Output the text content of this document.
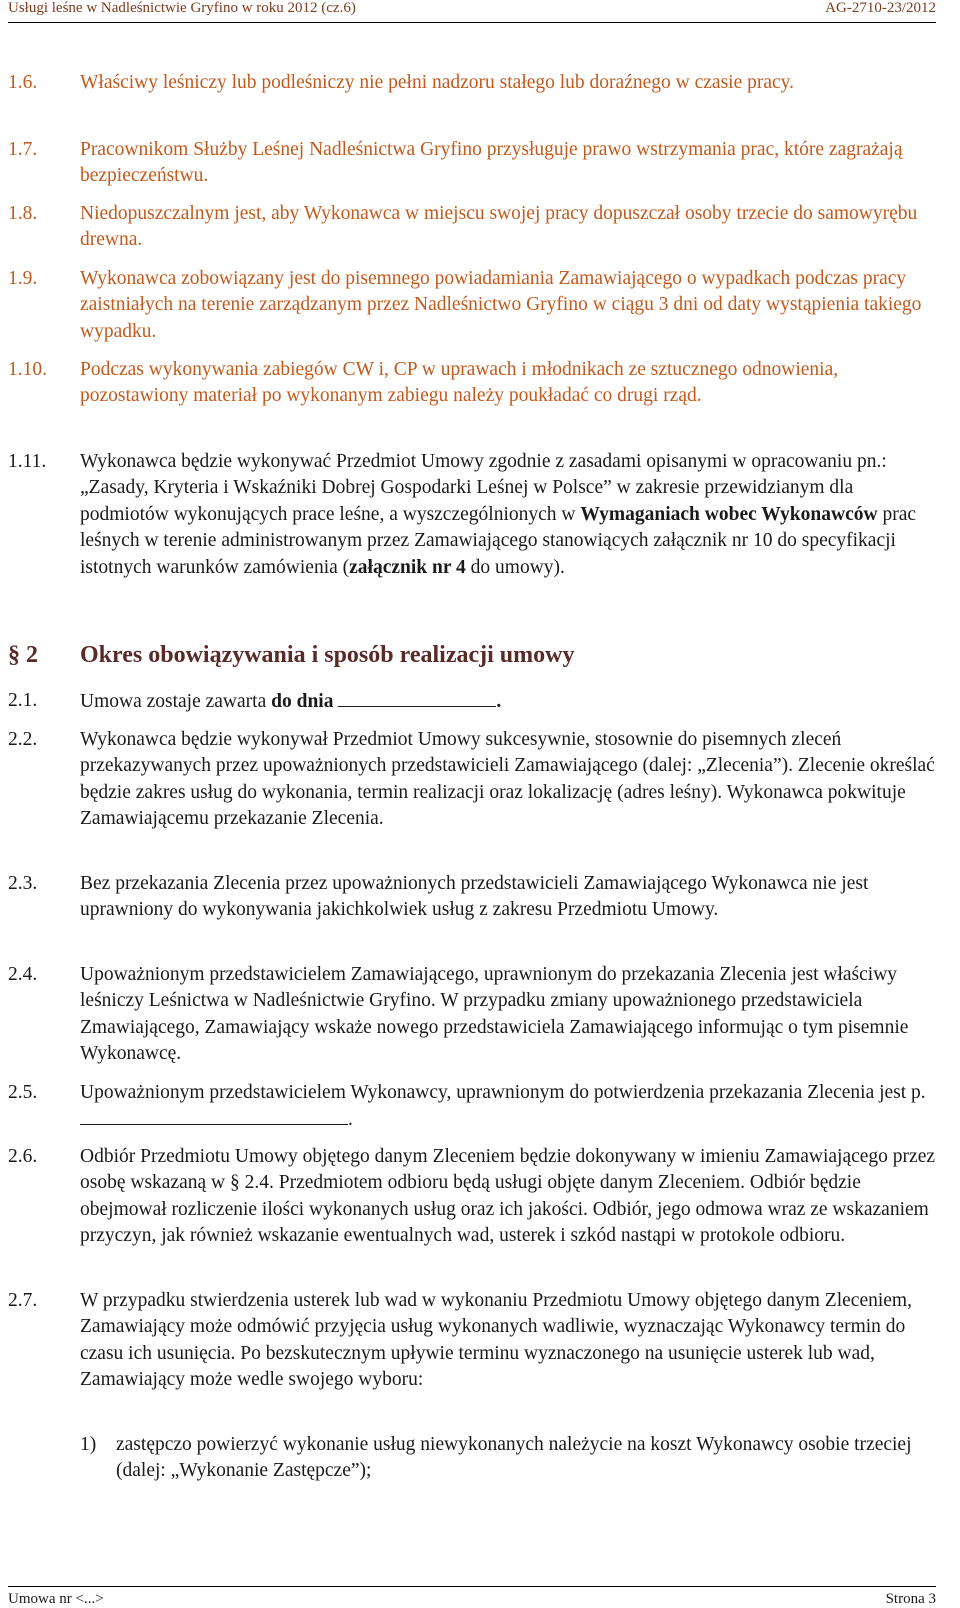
Usługi leśne w Nadleśnictwie Gryfino w roku 2012 (cz.6)	AG-2710-23/2012
1.6. Właściwy leśniczy lub podleśniczy nie pełni nadzoru stałego lub doraźnego w czasie pracy.
1.7. Pracownikom Służby Leśnej Nadleśnictwa Gryfino przysługuje prawo wstrzymania prac, które zagrażają bezpieczeństwu.
1.8. Niedopuszczalnym jest, aby Wykonawca w miejscu swojej pracy dopuszczał osoby trzecie do samowyrębu drewna.
1.9. Wykonawca zobowiązany jest do pisemnego powiadamiania Zamawiającego o wypadkach podczas pracy zaistniałych na terenie zarządzanym przez Nadleśnictwo Gryfino w ciągu 3 dni od daty wystąpienia takiego wypadku.
1.10. Podczas wykonywania zabiegów CW i, CP w uprawach i młodnikach ze sztucznego odnowienia, pozostawiony materiał po wykonanym zabiegu należy poukładać co drugi rząd.
1.11. Wykonawca będzie wykonywać Przedmiot Umowy zgodnie z zasadami opisanymi w opracowaniu pn.: „Zasady, Kryteria i Wskaźniki Dobrej Gospodarki Leśnej w Polsce” w zakresie przewidzianym dla podmiotów wykonujących prace leśne, a wyszczególnionych w Wymaganiach wobec Wykonawców prac leśnych w terenie administrowanym przez Zamawiającego stanowiących załącznik nr 10 do specyfikacji istotnych warunków zamówienia (załącznik nr 4 do umowy).
§ 2 Okres obowiązywania i sposób realizacji umowy
2.1. Umowa zostaje zawarta do dnia	.
2.2. Wykonawca będzie wykonywał Przedmiot Umowy sukcesywnie, stosownie do pisemnych zleceń przekazywanych przez upoważnionych przedstawicieli Zamawiającego (dalej: „Zlecenia”). Zlecenie określać będzie zakres usług do wykonania, termin realizacji oraz lokalizację (adres leśny). Wykonawca pokwituje Zamawiającemu przekazanie Zlecenia.
2.3. Bez przekazania Zlecenia przez upoważnionych przedstawicieli Zamawiającego Wykonawca nie jest uprawniony do wykonywania jakichkolwiek usług z zakresu Przedmiotu Umowy.
2.4. Upoważnionym przedstawicielem Zamawiającego, uprawnionym do przekazania Zlecenia jest właściwy leśniczy Leśnictwa w Nadleśnictwie Gryfino. W przypadku zmiany upoważnionego przedstawiciela Zmawiającego, Zamawiający wskaże nowego przedstawiciela Zamawiającego informując o tym pisemnie Wykonawcę.
2.5. Upoważnionym przedstawicielem Wykonawcy, uprawnionym do potwierdzenia przekazania Zlecenia jest p. .
2.6. Odbiór Przedmiotu Umowy objętego danym Zleceniem będzie dokonywany w imieniu Zamawiającego przez osobę wskazaną w § 2.4. Przedmiotem odbioru będą usługi objęte danym Zleceniem. Odbiór będzie obejmował rozliczenie ilości wykonanych usług oraz ich jakości. Odbiór, jego odmowa wraz ze wskazaniem przyczyn, jak również wskazanie ewentualnych wad, usterek i szkód nastąpi w protokole odbioru.
2.7. W przypadku stwierdzenia usterek lub wad w wykonaniu Przedmiotu Umowy objętego danym Zleceniem, Zamawiający może odmówić przyjęcia usług wykonanych wadliwie, wyznaczając Wykonawcy termin do czasu ich usunięcia. Po bezskutecznym upływie terminu wyznaczonego na usunięcie usterek lub wad, Zamawiający może wedle swojego wyboru:
1) zastępczo powierzyć wykonanie usług niewykonanych należycie na koszt Wykonawcy osobie trzeciej (dalej: „Wykonanie Zastępcze”);
Umowa nr <...>	Strona 3
